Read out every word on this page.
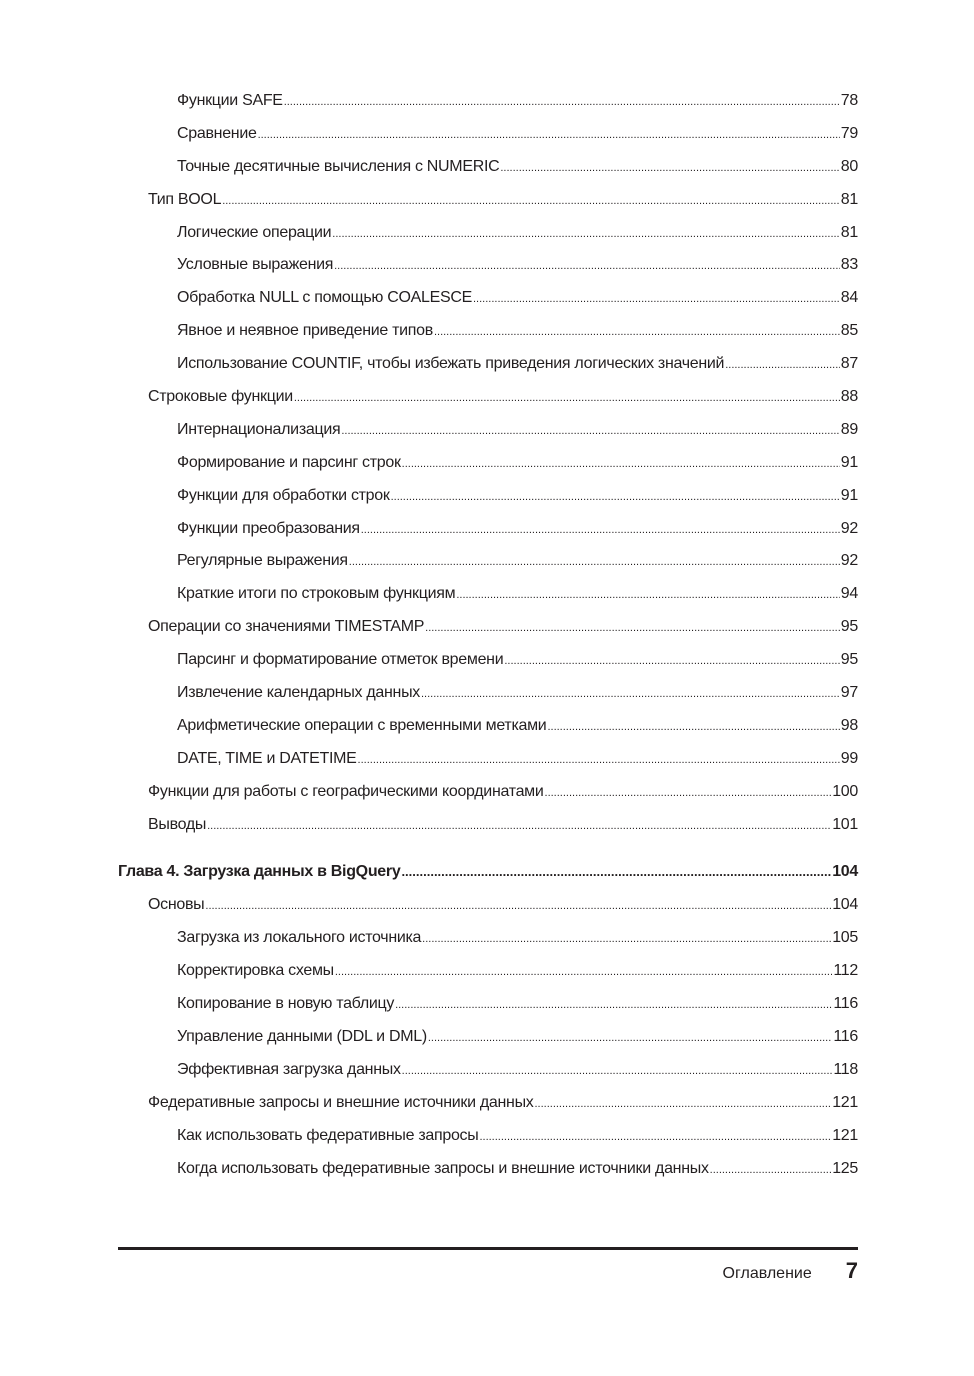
Функции SAFE .....	78
Сравнение .....	79
Точные десятичные вычисления с NUMERIC .....	80
Тип BOOL .....	81
Логические операции .....	81
Условные выражения .....	83
Обработка NULL с помощью COALESCE .....	84
Явное и неявное приведение типов .....	85
Использование COUNTIF, чтобы избежать приведения логических значений .....	87
Строковые функции .....	88
Интернационализация .....	89
Формирование и парсинг строк .....	91
Функции для обработки строк .....	91
Функции преобразования .....	92
Регулярные выражения .....	92
Краткие итоги по строковым функциям .....	94
Операции со значениями TIMESTAMP .....	95
Парсинг и форматирование отметок времени .....	95
Извлечение календарных данных .....	97
Арифметические операции с временными метками .....	98
DATE, TIME и DATETIME .....	99
Функции для работы с географическими координатами .....	100
Выводы .....	101
Глава 4. Загрузка данных в BigQuery .....	104
Основы .....	104
Загрузка из локального источника .....	105
Корректировка схемы .....	112
Копирование в новую таблицу .....	116
Управление данными (DDL и DML) .....	116
Эффективная загрузка данных .....	118
Федеративные запросы и внешние источники данных .....	121
Как использовать федеративные запросы .....	121
Когда использовать федеративные запросы и внешние источники данных .....	125
Оглавление 7
